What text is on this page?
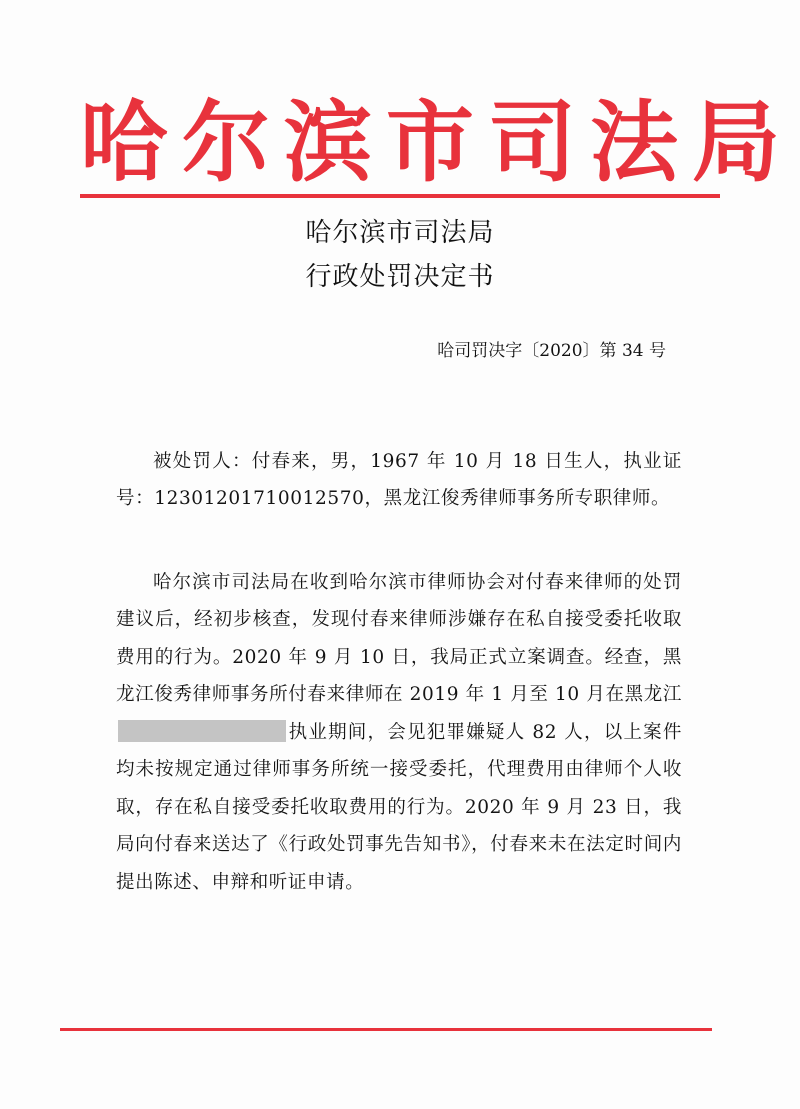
哈尔滨市司法局
哈尔滨市司法局
行政处罚决定书
哈司罚决字〔2020〕第 34 号

被处罚人：付春来，男，1967 年 10 月 18 日生人，执业证号：12301201710012570，黑龙江俊秀律师事务所专职律师。

哈尔滨市司法局在收到哈尔滨市律师协会对付春来律师的处罚建议后，经初步核查，发现付春来律师涉嫌存在私自接受委托收取费用的行为。2020 年 9 月 10 日，我局正式立案调查。经查，黑龙江俊秀律师事务所付春来律师在 2019 年 1 月至 10 月在黑龙江执业期间，会见犯罪嫌疑人 82 人，以上案件均未按规定通过律师事务所统一接受委托，代理费用由律师个人收取，存在私自接受委托收取费用的行为。2020 年 9 月 23 日，我局向付春来送达了《行政处罚事先告知书》，付春来未在法定时间内提出陈述、申辩和听证申请。
